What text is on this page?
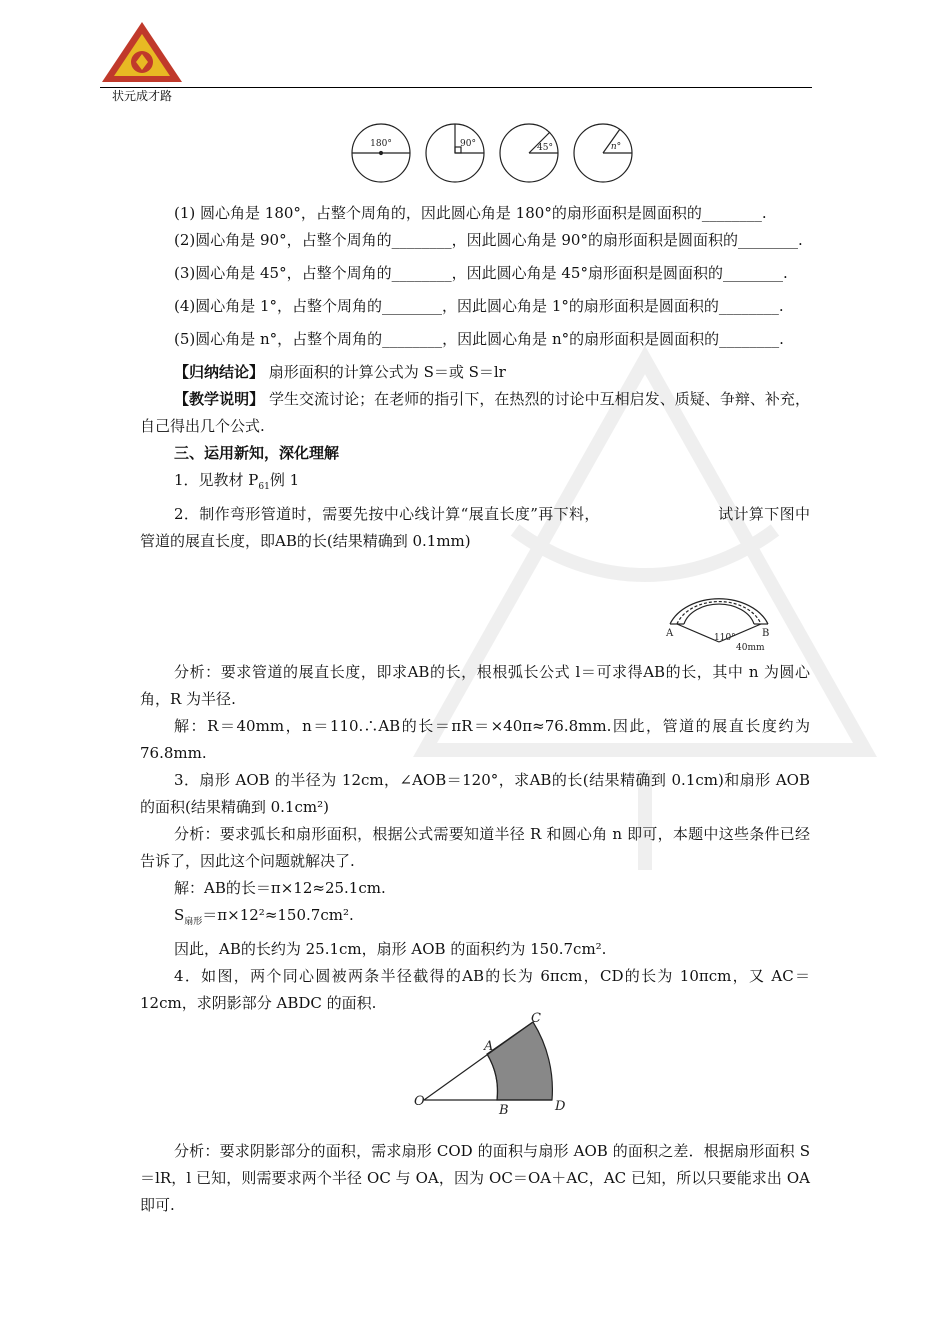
状元成才路
180°	90°	45°	n°

(1) 圆心角是 180°，占整个周角的，因此圆心角是 180°的扇形面积是圆面积的________.

(2)圆心角是 90°，占整个周角的________，因此圆心角是 90°的扇形面积是圆面积的________.

(3)圆心角是 45°，占整个周角的________，因此圆心角是 45°扇形面积是圆面积的________.

(4)圆心角是 1°，占整个周角的________，因此圆心角是 1°的扇形面积是圆面积的________.

(5)圆心角是 n°，占整个周角的________，因此圆心角是 n°的扇形面积是圆面积的________.

【归纳结论】 扇形面积的计算公式为 S＝或 S＝lr

【教学说明】 学生交流讨论；在老师的指引下，在热烈的讨论中互相启发、质疑、争辩、补充，自己得出几个公式.

三、运用新知，深化理解

1．见教材 $P_{61}$例 1

2．制作弯形管道时，需要先按中心线计算“展直长度”再下料，	试计算下图中管道的展直长度，即AB的长(结果精确到 0.1mm)

A	B
110°
40mm

分析：要求管道的展直长度，即求AB的长，根根弧长公式 l＝可求得AB的长，其中 n 为圆心角，R 为半径.

解：R＝40mm，n＝110.∴AB的长＝πR＝×40π≈76.8mm.因此，管道的展直长度约为 76.8mm.

3．扇形 AOB 的半径为 12cm，∠AOB＝120°，求AB的长(结果精确到 0.1cm)和扇形 AOB 的面积(结果精确到 0.1cm²)

分析：要求弧长和扇形面积，根据公式需要知道半径 R 和圆心角 n 即可，本题中这些条件已经告诉了，因此这个问题就解决了.

解：AB的长＝π×12≈25.1cm.

$S_{扇形}=\pi\times 12^2\approx 150.7cm^2$.

因此，AB的长约为 25.1cm，扇形 AOB 的面积约为 150.7cm².

4．如图，两个同心圆被两条半径截得的AB的长为 6πcm，CD的长为 10πcm，又 AC＝12cm，求阴影部分 ABDC 的面积.

O
A
B
C
D

分析：要求阴影部分的面积，需求扇形 COD 的面积与扇形 AOB 的面积之差．根据扇形面积 S＝lR，l 已知，则需要求两个半径 OC 与 OA，因为 OC＝OA＋AC，AC 已知，所以只要能求出 OA 即可.
